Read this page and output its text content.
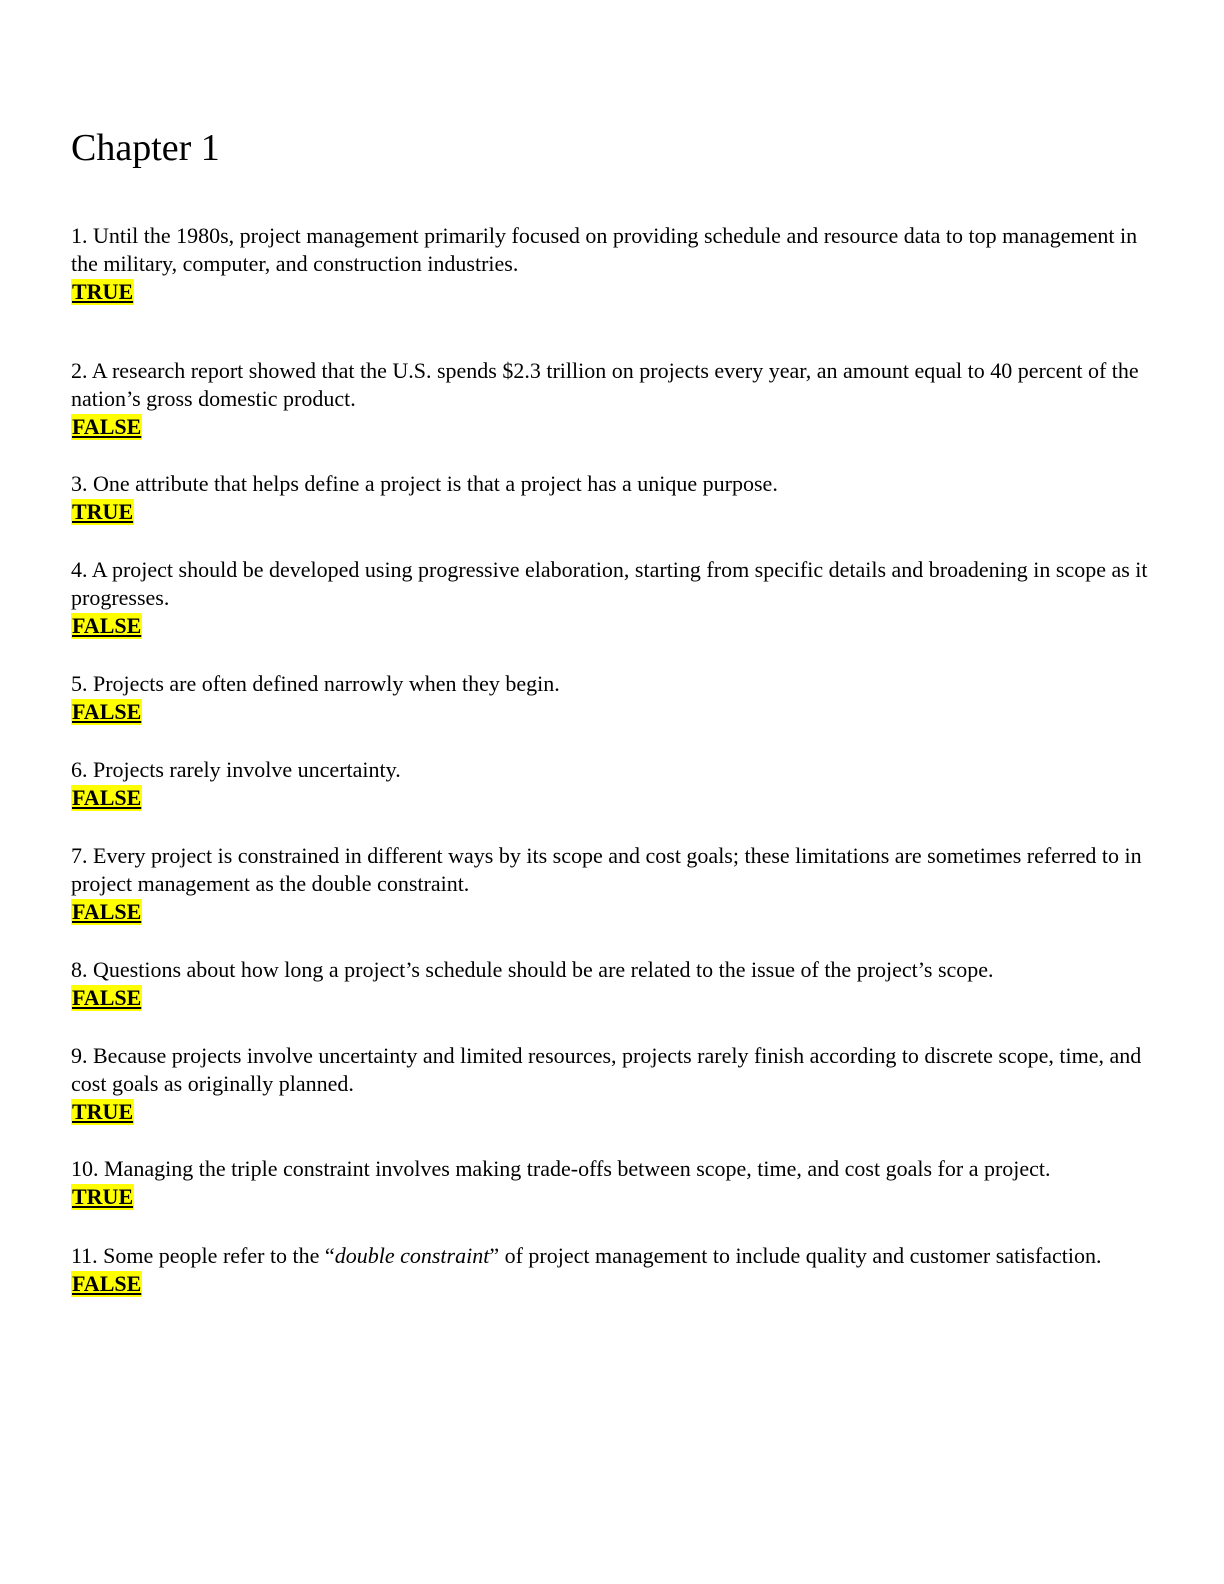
Chapter 1
1. Until the 1980s, project management primarily focused on providing schedule and resource data to top management in the military, computer, and construction industries.
TRUE
2. A research report showed that the U.S. spends $2.3 trillion on projects every year, an amount equal to 40 percent of the nation’s gross domestic product.
FALSE
3. One attribute that helps define a project is that a project has a unique purpose.
TRUE
4. A project should be developed using progressive elaboration, starting from specific details and broadening in scope as it progresses.
FALSE
5. Projects are often defined narrowly when they begin.
FALSE
6. Projects rarely involve uncertainty.
FALSE
7. Every project is constrained in different ways by its scope and cost goals; these limitations are sometimes referred to in project management as the double constraint.
FALSE
8. Questions about how long a project’s schedule should be are related to the issue of the project’s scope.
FALSE
9. Because projects involve uncertainty and limited resources, projects rarely finish according to discrete scope, time, and cost goals as originally planned.
TRUE
10. Managing the triple constraint involves making trade-offs between scope, time, and cost goals for a project.
TRUE
11. Some people refer to the “double constraint” of project management to include quality and customer satisfaction.
FALSE
